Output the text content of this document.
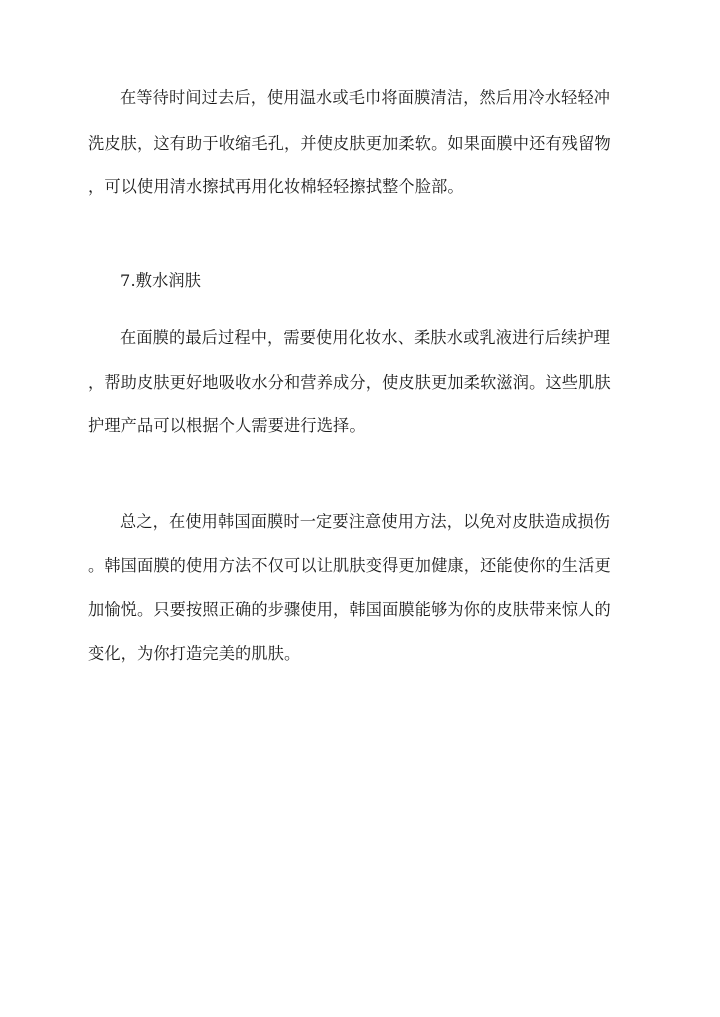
在等待时间过去后，使用温水或毛巾将面膜清洁，然后用冷水轻轻冲
洗皮肤，这有助于收缩毛孔，并使皮肤更加柔软。如果面膜中还有残留物
，可以使用清水擦拭再用化妆棉轻轻擦拭整个脸部。
7.敷水润肤
在面膜的最后过程中，需要使用化妆水、柔肤水或乳液进行后续护理
，帮助皮肤更好地吸收水分和营养成分，使皮肤更加柔软滋润。这些肌肤
护理产品可以根据个人需要进行选择。
总之，在使用韩国面膜时一定要注意使用方法，以免对皮肤造成损伤
。韩国面膜的使用方法不仅可以让肌肤变得更加健康，还能使你的生活更
加愉悦。只要按照正确的步骤使用，韩国面膜能够为你的皮肤带来惊人的
变化，为你打造完美的肌肤。
